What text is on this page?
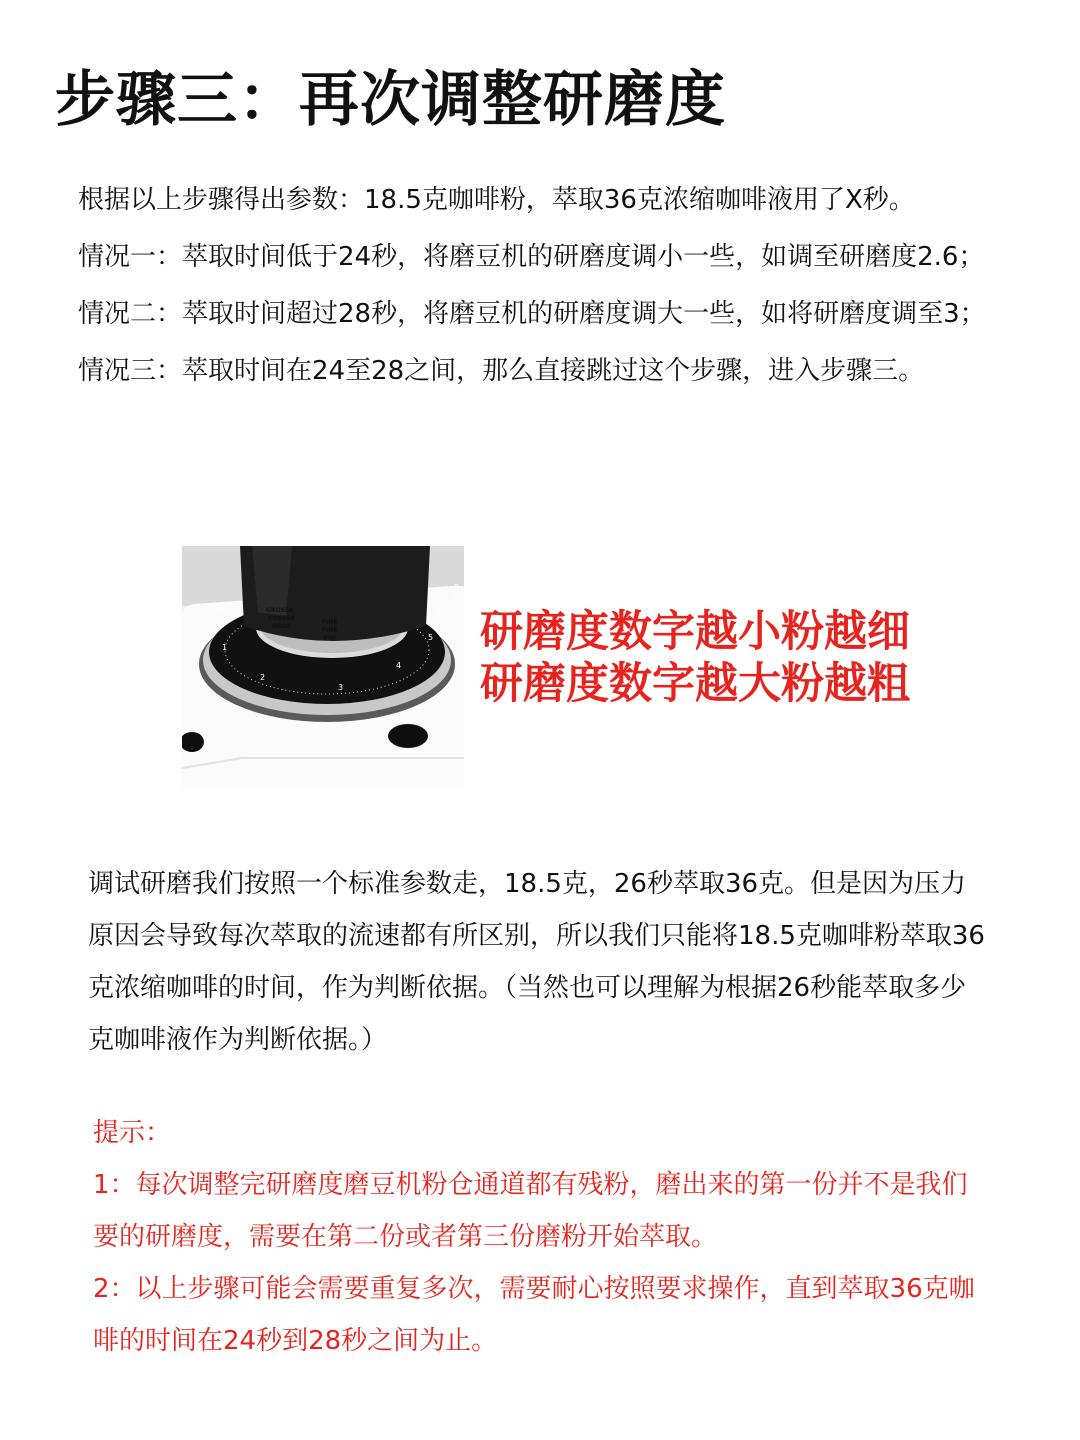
步骤三：再次调整研磨度

根据以上步骤得出参数：18.5克咖啡粉，萃取36克浓缩咖啡液用了X秒。

情况一：萃取时间低于24秒，将磨豆机的研磨度调小一些，如调至研磨度2.6；

情况二：萃取时间超过28秒，将磨豆机的研磨度调大一些，如将研磨度调至3；

情况三：萃取时间在24至28之间，那么直接跳过这个步骤，进入步骤三。

12
1
2
3
4
5
6
7
8
GROSSA
COARSE
GROS
FINE
FINE
FIN	研磨度数字越小粉越细
研磨度数字越大粉越粗

调试研磨我们按照一个标准参数走，18.5克，26秒萃取36克。但是因为压力原因会导致每次萃取的流速都有所区别，所以我们只能将18.5克咖啡粉萃取36克浓缩咖啡的时间，作为判断依据。（当然也可以理解为根据26秒能萃取多少克咖啡液作为判断依据。）

提示：

1：每次调整完研磨度磨豆机粉仓通道都有残粉，磨出来的第一份并不是我们要的研磨度，需要在第二份或者第三份磨粉开始萃取。

2：以上步骤可能会需要重复多次，需要耐心按照要求操作，直到萃取36克咖啡的时间在24秒到28秒之间为止。
